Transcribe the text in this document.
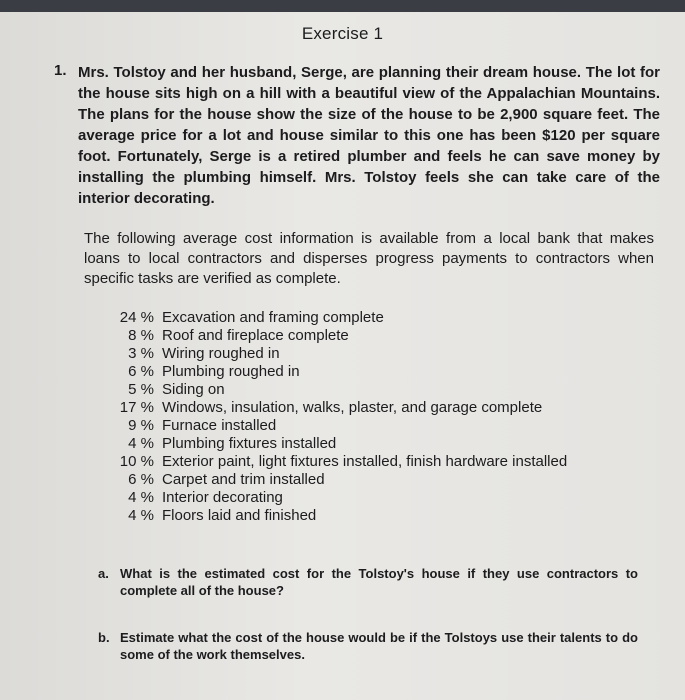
Exercise 1
1. Mrs. Tolstoy and her husband, Serge, are planning their dream house. The lot for the house sits high on a hill with a beautiful view of the Appalachian Mountains. The plans for the house show the size of the house to be 2,900 square feet. The average price for a lot and house similar to this one has been $120 per square foot. Fortunately, Serge is a retired plumber and feels he can save money by installing the plumbing himself. Mrs. Tolstoy feels she can take care of the interior decorating.
The following average cost information is available from a local bank that makes loans to local contractors and disperses progress payments to contractors when specific tasks are verified as complete.
24 % Excavation and framing complete
8 % Roof and fireplace complete
3 % Wiring roughed in
6 % Plumbing roughed in
5 % Siding on
17 % Windows, insulation, walks, plaster, and garage complete
9 % Furnace installed
4 % Plumbing fixtures installed
10 % Exterior paint, light fixtures installed, finish hardware installed
6 % Carpet and trim installed
4 % Interior decorating
4 % Floors laid and finished
a. What is the estimated cost for the Tolstoy's house if they use contractors to complete all of the house?
b. Estimate what the cost of the house would be if the Tolstoys use their talents to do some of the work themselves.
